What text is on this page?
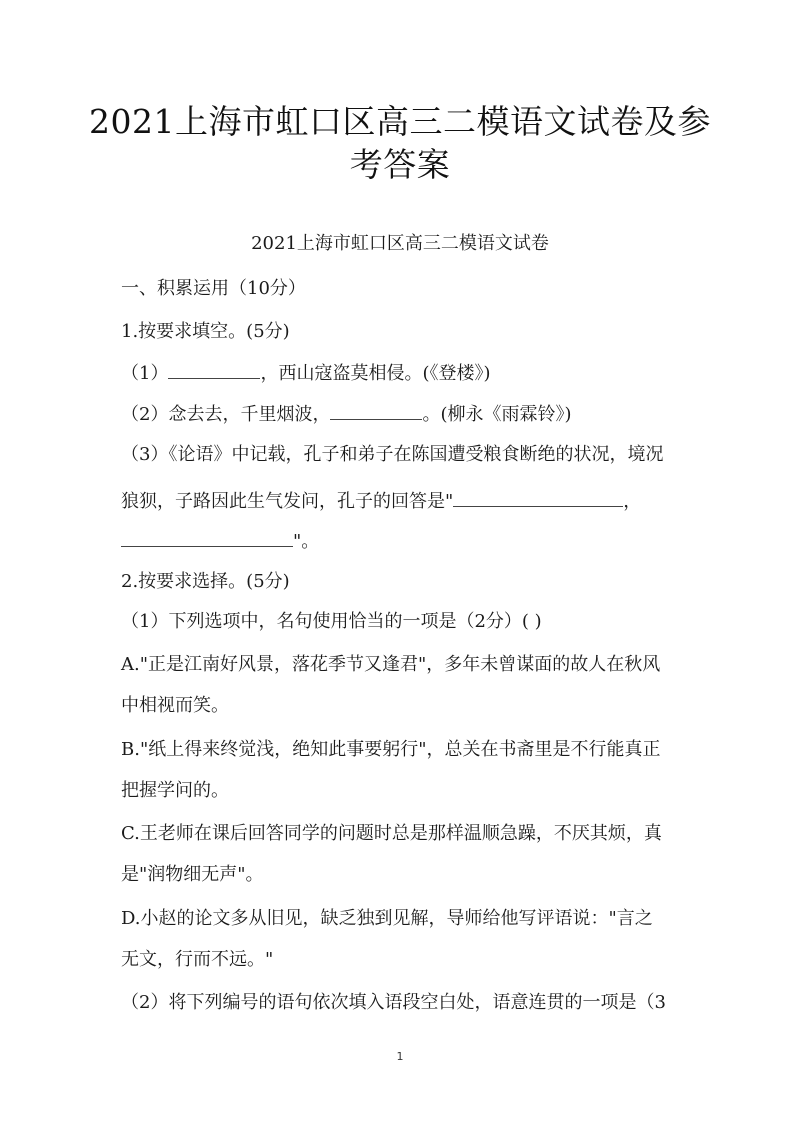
2021上海市虹口区高三二模语文试卷及参
考答案
2021上海市虹口区高三二模语文试卷
一、积累运用（10分）
1.按要求填空。(5分)
（1）	，西山寇盗莫相侵。(《登楼》)
（2）念去去，千里烟波，	。(柳永《雨霖铃》)
（3）《论语》中记载，孔子和弟子在陈国遭受粮食断绝的状况，境况
狼狈，子路因此生气发问，孔子的回答是"	，
"。
2.按要求选择。(5分)
（1）下列选项中，名句使用恰当的一项是（2分）( )
A."正是江南好风景，落花季节又逢君"，多年未曾谋面的故人在秋风
中相视而笑。
B."纸上得来终觉浅，绝知此事要躬行"，总关在书斋里是不行能真正
把握学问的。
C.王老师在课后回答同学的问题时总是那样温顺急躁，不厌其烦，真
是"润物细无声"。
D.小赵的论文多从旧见，缺乏独到见解，导师给他写评语说："言之
无文，行而不远。"
（2）将下列编号的语句依次填入语段空白处，语意连贯的一项是（3
1
